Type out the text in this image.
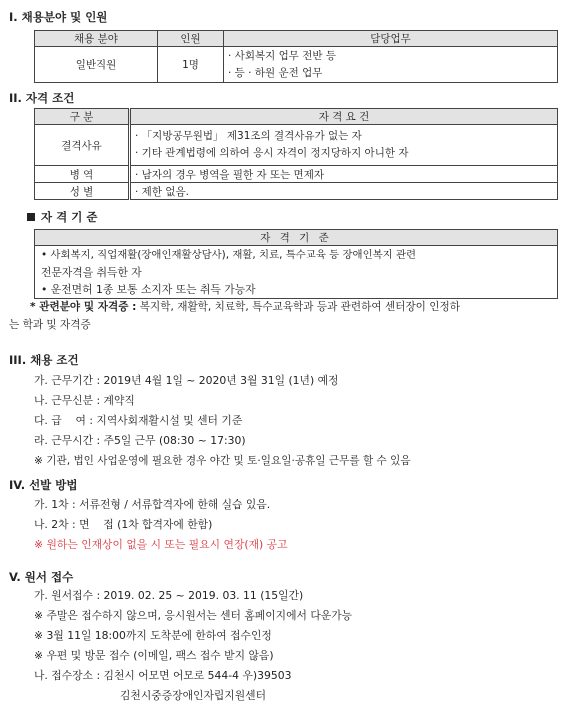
I. 채용분야 및 인원
채용 분야	인원	담당업무
일반직원	1명	· 사회복지 업무 전반 등
· 등 · 하원 운전 업무
II. 자격 조건
구 분	자 격 요 건
결격사유	· 「지방공무원법」 제31조의 결격사유가 없는 자
· 기타 관계법령에 의하여 응시 자격이 정지당하지 아니한 자

병 역	· 남자의 경우 병역을 필한 자 또는 면제자
성 별	· 제한 없음.
자 격 기 준
자 격 기 준

• 사회복지, 직업재활(장애인재활상담사), 재활, 치료, 특수교육 등 장애인복지 관련
전문자격을 취득한 자
• 운전면허 1종 보통 소지자 또는 취득 가능자
* 관련분야 및 자격증 : 복지학, 재활학, 치료학, 특수교육학과 등과 관련하여 센터장이 인정하
는 학과 및 자격증
III. 채용 조건
가. 근무기간 : 2019년 4월 1일 ~ 2020년 3월 31일 (1년) 예정
나. 근무신분 : 계약직
다. 급    여 : 지역사회재활시설 및 센터 기준
라. 근무시간 : 주5일 근무 (08:30 ~ 17:30)
※ 기관, 법인 사업운영에 필요한 경우 야간 및 토·일요일·공휴일 근무를 할 수 있음
IV. 선발 방법
가. 1차 : 서류전형 / 서류합격자에 한해 실습 있음.
나. 2차 : 면    접 (1차 합격자에 한함)
※ 원하는 인재상이 없을 시 또는 필요시 연장(재) 공고
V. 원서 접수
가. 원서접수 : 2019. 02. 25 ~ 2019. 03. 11 (15일간)
※ 주말은 접수하지 않으며, 응시원서는 센터 홈페이지에서 다운가능
※ 3월 11일 18:00까지 도착분에 한하여 접수인정
※ 우편 및 방문 접수 (이메일, 팩스 접수 받지 않음)
나. 접수장소 : 김천시 어모면 어모로 544-4 우)39503
김천시중증장애인자립지원센터
